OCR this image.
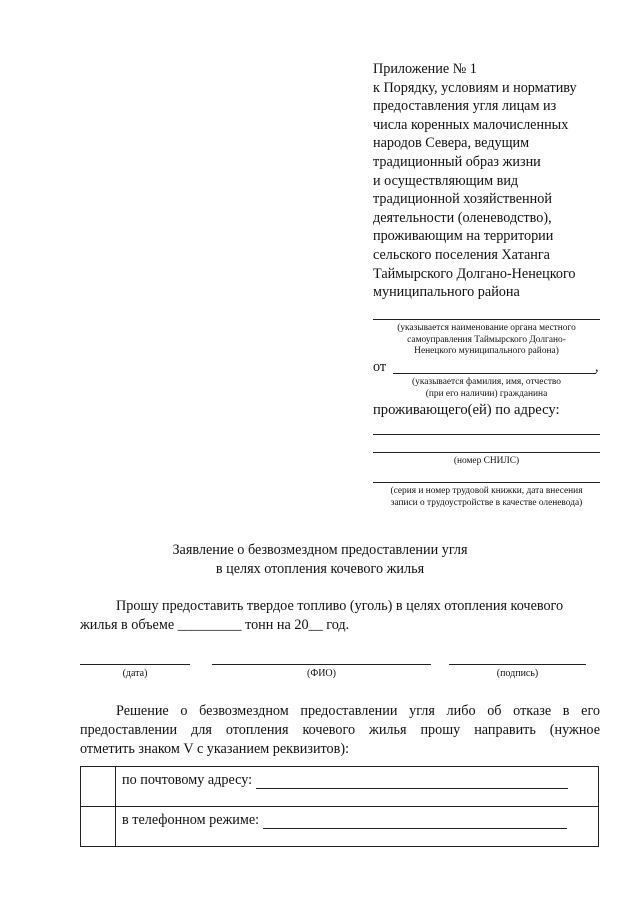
Приложение № 1
к Порядку, условиям и нормативу
предоставления угля лицам из
числа коренных малочисленных
народов Севера, ведущим
традиционный образ жизни
и осуществляющим вид
традиционной хозяйственной
деятельности (оленеводство),
проживающим на территории
сельского поселения Хатанга
Таймырского Долгано-Ненецкого
муниципального района
(указывается наименование органа местного
самоуправления Таймырского Долгано-
Ненецкого муниципального района)
от	,
(указывается фамилия, имя, отчество
(при его наличии) гражданина
проживающего(ей) по адресу:
(номер СНИЛС)
(серия и номер трудовой книжки, дата внесения
записи о трудоустройстве в качестве оленевода)
Заявление о безвозмездном предоставлении угля
в целях отопления кочевого жилья
Прошу предоставить твердое топливо (уголь) в целях отопления кочевого
жилья в объеме _________ тонн на 20__ год.
(дата)	(ФИО)	(подпись)
Решение о безвозмездном предоставлении угля либо об отказе в его
предоставлении для отопления кочевого жилья прошу направить (нужное
отметить знаком V с указанием реквизитов):
	по почтовому адресу:
	в телефонном режиме:
